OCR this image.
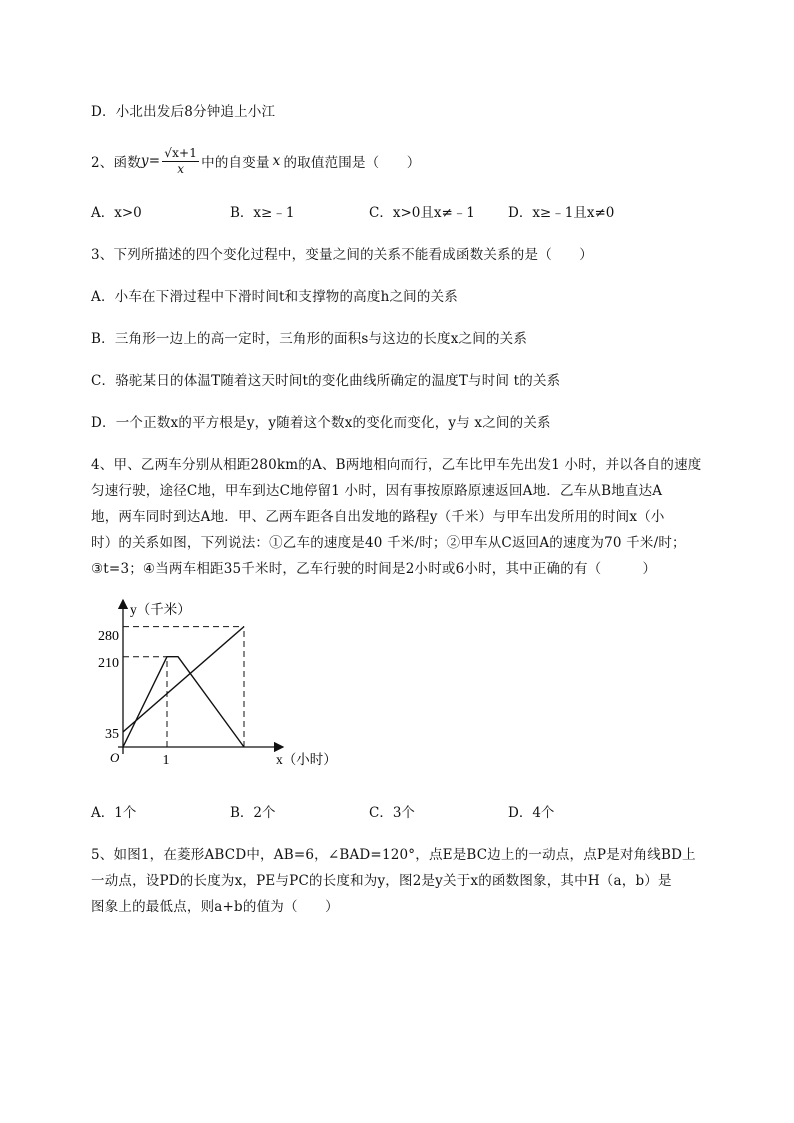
D．小北出发后8分钟追上小江
2、函数 $y = \frac{√x+1}{x}$ 中的自变量 x 的取值范围是（　　）
A．x>0	B．x≥﹣1	C．x>0且x≠﹣1 D．x≥﹣1且x≠0
3、下列所描述的四个变化过程中，变量之间的关系不能看成函数关系的是（　　）
A．小车在下滑过程中下滑时间t和支撑物的高度h之间的关系
B．三角形一边上的高一定时，三角形的面积s与这边的长度x之间的关系
C．骆驼某日的体温T随着这天时间t的变化曲线所确定的温度T与时间 t的关系
D．一个正数x的平方根是y，y随着这个数x的变化而变化，y与 x之间的关系
4、甲、乙两车分别从相距280km的A、B两地相向而行，乙车比甲车先出发1 小时，并以各自的速度
匀速行驶，途径C地，甲车到达C地停留1 小时，因有事按原路原速返回A地．乙车从B地直达A
地，两车同时到达A地．甲、乙两车距各自出发地的路程y（千米）与甲车出发所用的时间x（小
时）的关系如图，下列说法：①乙车的速度是40 千米/时；②甲车从C返回A的速度为70 千米/时；
③t=3；④当两车相距35千米时，乙车行驶的时间是2小时或6小时，其中正确的有（　　　）
y（千米）
x（小时）
O
280
210
35
1
A．1个	B．2个	C．3个	D．4个
5、如图1，在菱形ABCD中，AB=6，∠BAD=120°，点E是BC边上的一动点，点P是对角线BD上
一动点，设PD的长度为x，PE与PC的长度和为y，图2是y关于x的函数图象，其中H（a，b）是
图象上的最低点，则a+b的值为（　　）
